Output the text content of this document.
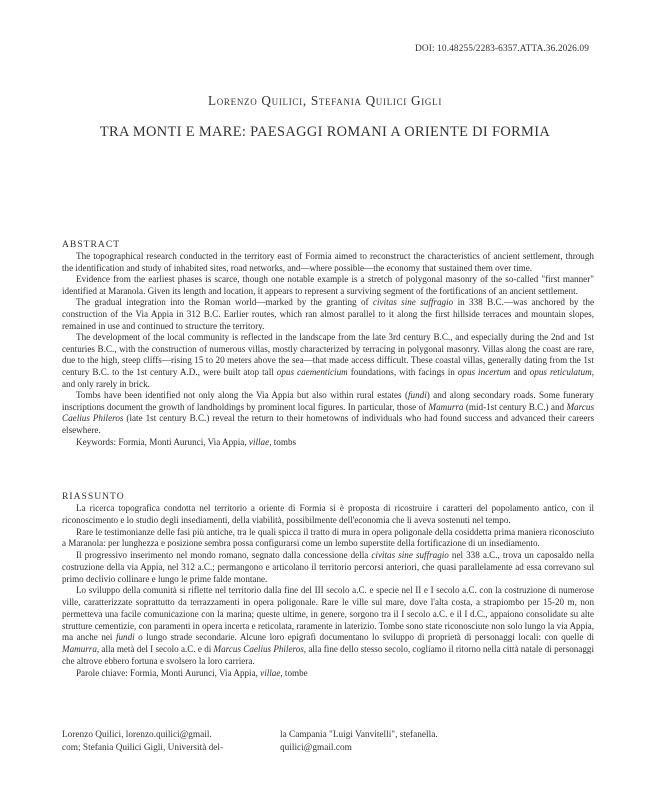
DOI: 10.48255/2283-6357.ATTA.36.2026.09
Lorenzo Quilici, Stefania Quilici Gigli
TRA MONTI E MARE: PAESAGGI ROMANI A ORIENTE DI FORMIA
ABSTRACT

The topographical research conducted in the territory east of Formia aimed to reconstruct the characteristics of ancient settlement, through the identification and study of inhabited sites, road networks, and—where possible—the economy that sustained them over time.

Evidence from the earliest phases is scarce, though one notable example is a stretch of polygonal masonry of the so-called "first manner" identified at Maranola. Given its length and location, it appears to represent a surviving segment of the fortifications of an ancient settlement.

The gradual integration into the Roman world—marked by the granting of civitas sine suffragio in 338 B.C.—was anchored by the construction of the Via Appia in 312 B.C. Earlier routes, which ran almost parallel to it along the first hillside terraces and mountain slopes, remained in use and continued to structure the territory.

The development of the local community is reflected in the landscape from the late 3rd century B.C., and especially during the 2nd and 1st centuries B.C., with the construction of numerous villas, mostly characterized by terracing in polygonal masonry. Villas along the coast are rare, due to the high, steep cliffs—rising 15 to 20 meters above the sea—that made access difficult. These coastal villas, generally dating from the 1st century B.C. to the 1st century A.D., were built atop tall opus caementicium foundations, with facings in opus incertum and opus reticulatum, and only rarely in brick.

Tombs have been identified not only along the Via Appia but also within rural estates (fundi) and along secondary roads. Some funerary inscriptions document the growth of landholdings by prominent local figures. In particular, those of Mamurra (mid-1st century B.C.) and Marcus Caelius Phileros (late 1st century B.C.) reveal the return to their hometowns of individuals who had found success and advanced their careers elsewhere.

Keywords: Formia, Monti Aurunci, Via Appia, villae, tombs

RIASSUNTO

La ricerca topografica condotta nel territorio a oriente di Formia si è proposta di ricostruire i caratteri del popolamento antico, con il riconoscimento e lo studio degli insediamenti, della viabilità, possibilmente dell'economia che li aveva sostenuti nel tempo.

Rare le testimonianze delle fasi più antiche, tra le quali spicca il tratto di mura in opera poligonale della cosiddetta prima maniera riconosciuto a Maranola: per lunghezza e posizione sembra possa configurarsi come un lembo superstite della fortificazione di un insediamento.

Il progressivo inserimento nel mondo romano, segnato dalla concessione della civitas sine suffragio nel 338 a.C., trova un caposaldo nella costruzione della via Appia, nel 312 a.C.; permangono e articolano il territorio percorsi anteriori, che quasi parallelamente ad essa correvano sul primo declivio collinare e lungo le prime falde montane.

Lo sviluppo della comunità si riflette nel territorio dalla fine del III secolo a.C. e specie nel II e I secolo a.C. con la costruzione di numerose ville, caratterizzate soprattutto da terrazzamenti in opera poligonale. Rare le ville sul mare, dove l'alta costa, a strapiombo per 15-20 m, non permetteva una facile comunicazione con la marina; queste ultime, in genere, sorgono tra il I secolo a.C. e il I d.C., appaiono consolidate su alte strutture cementizie, con paramenti in opera incerta e reticolata, raramente in laterizio. Tombe sono state riconosciute non solo lungo la via Appia, ma anche nei fundi o lungo strade secondarie. Alcune loro epigrafi documentano lo sviluppo di proprietà di personaggi locali: con quelle di Mamurra, alla metà del I secolo a.C. e di Marcus Caelius Phileros, alla fine dello stesso secolo, cogliamo il ritorno nella città natale di personaggi che altrove ebbero fortuna e svolsero la loro carriera.

Parole chiave: Formia, Monti Aurunci, Via Appia, villae, tombe

Lorenzo Quilici, lorenzo.quilici@gmail.
com; Stefania Quilici Gigli, Università del-
la Campania "Luigi Vanvitelli", stefanella.
quilici@gmail.com
